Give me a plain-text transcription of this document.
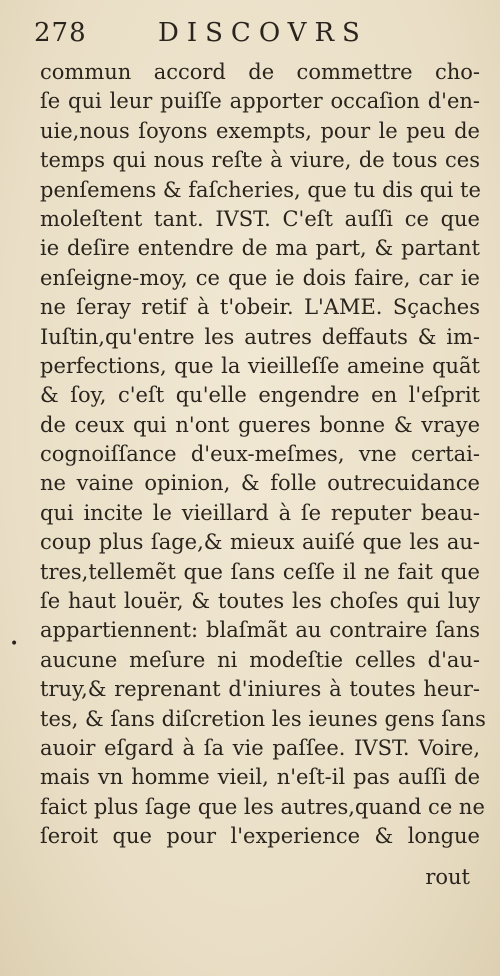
278	DISCOVRS
•
commun accord de commettre cho-
ſe qui leur puiſſe apporter occaſion d'en-
uie,nous ſoyons exempts, pour le peu de
temps qui nous reſte à viure, de tous ces
penſemens & faſcheries, que tu dis qui te
moleſtent tant. IVST. C'eſt auſſi ce que
ie deſire entendre de ma part, & partant
enſeigne-moy, ce que ie dois faire, car ie
ne ſeray retif à t'obeir. L'AME. Sçaches
Iuſtin,qu'entre les autres deffauts & im-
perfections, que la vieilleſſe ameine quãt
& ſoy, c'eſt qu'elle engendre en l'eſprit
de ceux qui n'ont gueres bonne & vraye
cognoiſſance d'eux-meſmes, vne certai-
ne vaine opinion, & folle outrecuidance
qui incite le vieillard à ſe reputer beau-
coup plus ſage,& mieux auiſé que les au-
tres,tellemẽt que ſans ceſſe il ne fait que
ſe haut louër, & toutes les choſes qui luy
appartiennent: blaſmãt au contraire ſans
aucune meſure ni modeſtie celles d'au-
truy,& reprenant d'iniures à toutes heur-
tes, & ſans diſcretion les ieunes gens ſans
auoir eſgard à ſa vie paſſee. IVST. Voire,
mais vn homme vieil, n'eſt-il pas auſſi de
faict plus ſage que les autres,quand ce ne
ſeroit que pour l'experience & longue
rout
